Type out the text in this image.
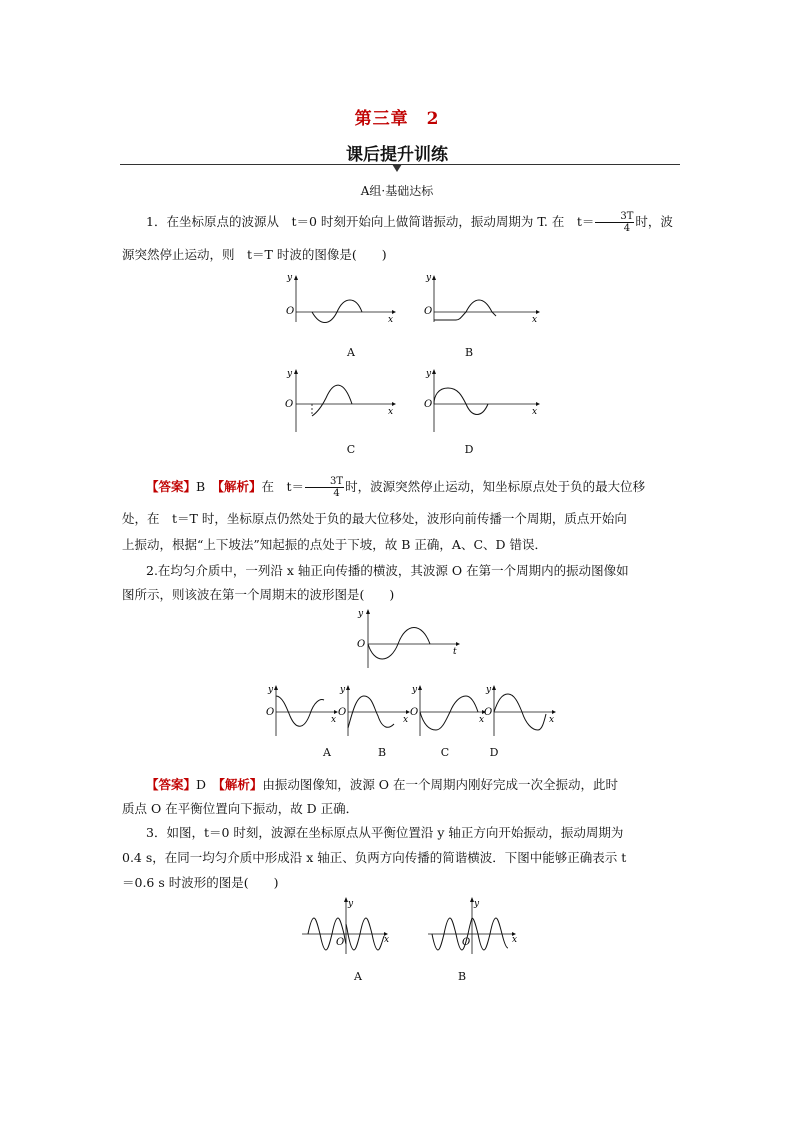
第三章　2
课后提升训练
A组·基础达标
1．在坐标原点的波源从　t＝0 时刻开始向上做简谐振动，振动周期为 T. 在　$t= \frac{3T}{4}$ 时，波
源突然停止运动，则　t＝T 时波的图像是(　　)
O
y
x
A
O
y
x
B
O
y
x
C
O
y
x
D
【答案】B　 【解析】在　$t= \frac{3T}{4}$ 时，波源突然停止运动，知坐标原点处于负的最大位移
处，在　t＝T 时，坐标原点仍然处于负的最大位移处，波形向前传播一个周期，质点开始向
上振动，根据“上下坡法”知起振的点处于下坡，故 B 正确，A、C、D 错误．
2.在均匀介质中，一列沿 x 轴正向传播的横波，其波源 O 在第一个周期内的振动图像如
图所示，则该波在第一个周期末的波形图是(　　)
O
y
t
O
y
x
O
y
x
O
y
x
O
y
x
A	B	C	D
【答案】D　 【解析】由振动图像知，波源 O 在一个周期内刚好完成一次全振动，此时
质点 O 在平衡位置向下振动，故 D 正确．
3．如图，t＝0 时刻，波源在坐标原点从平衡位置沿 y 轴正方向开始振动，振动周期为
0.4 s，在同一均匀介质中形成沿 x 轴正、负两方向传播的简谐横波．下图中能够正确表示 t
＝0.6 s 时波形的图是(　　)
O
y
x
A
O
y
x
B
